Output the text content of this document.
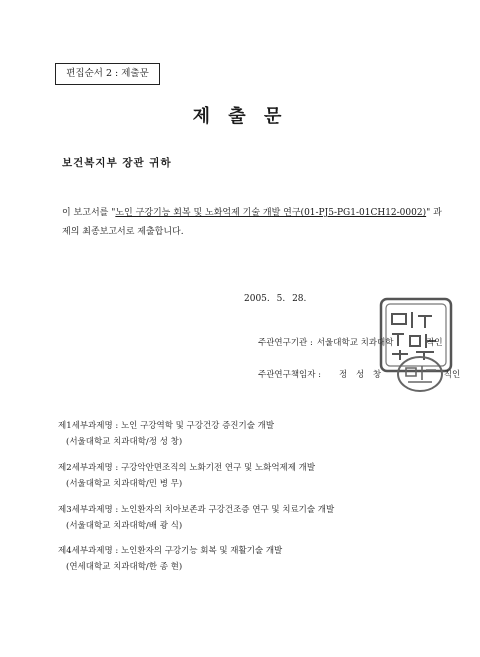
편집순서 2 : 제출문
제 출 문
보건복지부 장관 귀하
이 보고서를 "노인 구강기능 회복 및 노화억제 기술 개발 연구(01-PJ5-PG1-01CH12-0002)" 과
제의 최종보고서로 제출합니다.
2005. 5. 28.
주관연구기관 : 서울대학교 치과대학	직인
주관연구책임자 : 정 성 창	직인
제1세부과제명 : 노인 구강역학 및 구강건강 증진기술 개발
(서울대학교 치과대학/정 성 창)
제2세부과제명 : 구강악안면조직의 노화기전 연구 및 노화억제제 개발
(서울대학교 치과대학/민 병 무)
제3세부과제명 : 노인환자의 치아보존과 구강건조증 연구 및 치료기술 개발
(서울대학교 치과대학/배 광 식)
제4세부과제명 : 노인환자의 구강기능 회복 및 재활기술 개발
(연세대학교 치과대학/한 종 현)
